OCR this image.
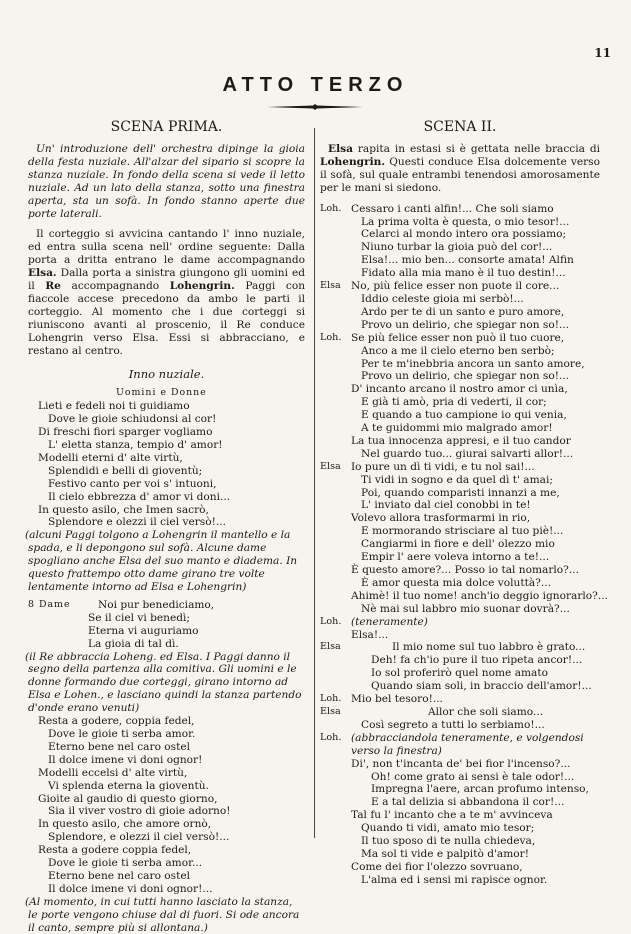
11
ATTO TERZO
SCENA PRIMA.

Un' introduzione dell' orchestra dipinge la gioia della festa nuziale. All'alzar del sipario si scopre la stanza nuziale. In fondo della scena si vede il letto nuziale. Ad un lato della stanza, sotto una finestra aperta, sta un sofà. In fondo stanno aperte due porte laterali.

Il corteggio si avvicina cantando l' inno nuziale, ed entra sulla scena nell' ordine seguente: Dalla porta a dritta entrano le dame accompagnando Elsa. Dalla porta a sinistra giungono gli uomini ed il Re accompagnando Lohengrin. Paggi con fiaccole accese precedono da ambo le parti il corteggio. Al momento che i due corteggi si riuniscono avanti al proscenio, il Re conduce Lohengrin verso Elsa. Essi si abbracciano, e restano al centro.

Inno nuziale.
Uomini e Donne
Lieti e fedeli noi ti guidiamo
Dove le gioie schiudonsi al cor!
Di freschi fiori sparger vogliamo
L' eletta stanza, tempio d' amor!
Modelli eterni d' alte virtù,
Splendidi e belli di gioventù;
Festivo canto per voi s' intuoni,
Il cielo ebbrezza d' amor vi doni...
In questo asilo, che Imen sacrò,
Splendore e olezzi il ciel versò!...

(alcuni Paggi tolgono a Lohengrin il mantello e la spada, e li depongono sul sofà. Alcune dame spogliano anche Elsa del suo manto e diadema. In questo frattempo otto dame girano tre volte lentamente intorno ad Elsa e Lohengrin)

8 Dame	Noi pur benediciamo,
Se il ciel vi benedì;
Eterna vi auguriamo
La gioia di tal dì.

(il Re abbraccia Loheng. ed Elsa. I Paggi danno il segno della partenza alla comitiva. Gli uomini e le donne formando due corteggi, girano intorno ad Elsa e Lohen., e lasciano quindi la stanza partendo d'onde erano venuti)

Resta a godere, coppia fedel,
Dove le gioie ti serba amor.
Eterno bene nel caro ostel
Il dolce imene vi doni ognor!
Modelli eccelsi d' alte virtù,
Vi splenda eterna la gioventù.
Gioite al gaudio di questo giorno,
Sia il viver vostro di gioie adorno!
In questo asilo, che amore ornò,
Splendore, e olezzi il ciel versò!...
Resta a godere coppia fedel,
Dove le gioie ti serba amor...
Eterno bene nel caro ostel
Il dolce imene vi doni ognor!...

(Al momento, in cui tutti hanno lasciato la stanza, le porte vengono chiuse dal di fuori. Si ode ancora il canto, sempre più si allontana.)

SCENA II.

Elsa rapita in estasi si è gettata nelle braccia di Lohengrin. Questi conduce Elsa dolcemente verso il sofà, sul quale entrambi tenendosi amorosamente per le mani si siedono.

Loh. Cessaro i canti alfin!... Che soli siamo
La prima volta è questa, o mio tesor!...
Celarci al mondo intero ora possiamo;
Niuno turbar la gioia può del cor!...
Elsa!... mio ben... consorte amata! Alfin
Fidato alla mia mano è il tuo destin!...
Elsa No, più felice esser non puote il core...
Iddio celeste gioia mi serbò!...
Ardo per te di un santo e puro amore,
Provo un delirio, che spiegar non so!...
Loh. Se più felice esser non può il tuo cuore,
Anco a me il cielo eterno ben serbò;
Per te m'inebbria ancora un santo amore,
Provo un delirio, che spiegar non so!...
D' incanto arcano il nostro amor ci unìa,
E già ti amò, pria di vederti, il cor;
E quando a tuo campione io qui venia,
A te guidommi mio malgrado amor!
La tua innocenza appresi, e il tuo candor
Nel guardo tuo... giurai salvarti allor!...
Elsa Io pure un dì ti vidi, e tu nol sai!...
Ti vidi in sogno e da quel dì t' amai;
Poi, quando comparisti innanzi a me,
L' inviato dal ciel conobbi in te!
Volevo allora trasformarmi in rio,
E mormorando strisciare al tuo piè!...
Cangiarmi in fiore e dell' olezzo mio
Empir l' aere voleva intorno a te!...
È questo amore?... Posso io tal nomarlo?...
È amor questa mia dolce voluttà?...
Ahimè! il tuo nome! anch'io deggio ignorarlo?...
Nè mai sul labbro mio suonar dovrà?...
Loh. (teneramente)
Elsa!...
Elsa	Il mio nome sul tuo labbro è grato...
Deh! fa ch'io pure il tuo ripeta ancor!...
Io sol proferirò quel nome amato
Quando siam soli, in braccio dell'amor!...
Loh. Mio bel tesoro!...
Elsa	Allor che soli siamo...
Così segreto a tutti lo serbiamo!...
Loh. (abbracciandola teneramente, e volgendosi verso la finestra)
Di', non t'incanta de' bei fior l'incenso?...
Oh! come grato ai sensi è tale odor!...
Impregna l'aere, arcan profumo intenso,
E a tal delizia si abbandona il cor!...
Tal fu l' incanto che a te m' avvinceva
Quando ti vidi, amato mio tesor;
Il tuo sposo di te nulla chiedeva,
Ma sol ti vide e palpitò d'amor!
Come dei fior l'olezzo sovruano,
L'alma ed i sensi mi rapisce ognor.
